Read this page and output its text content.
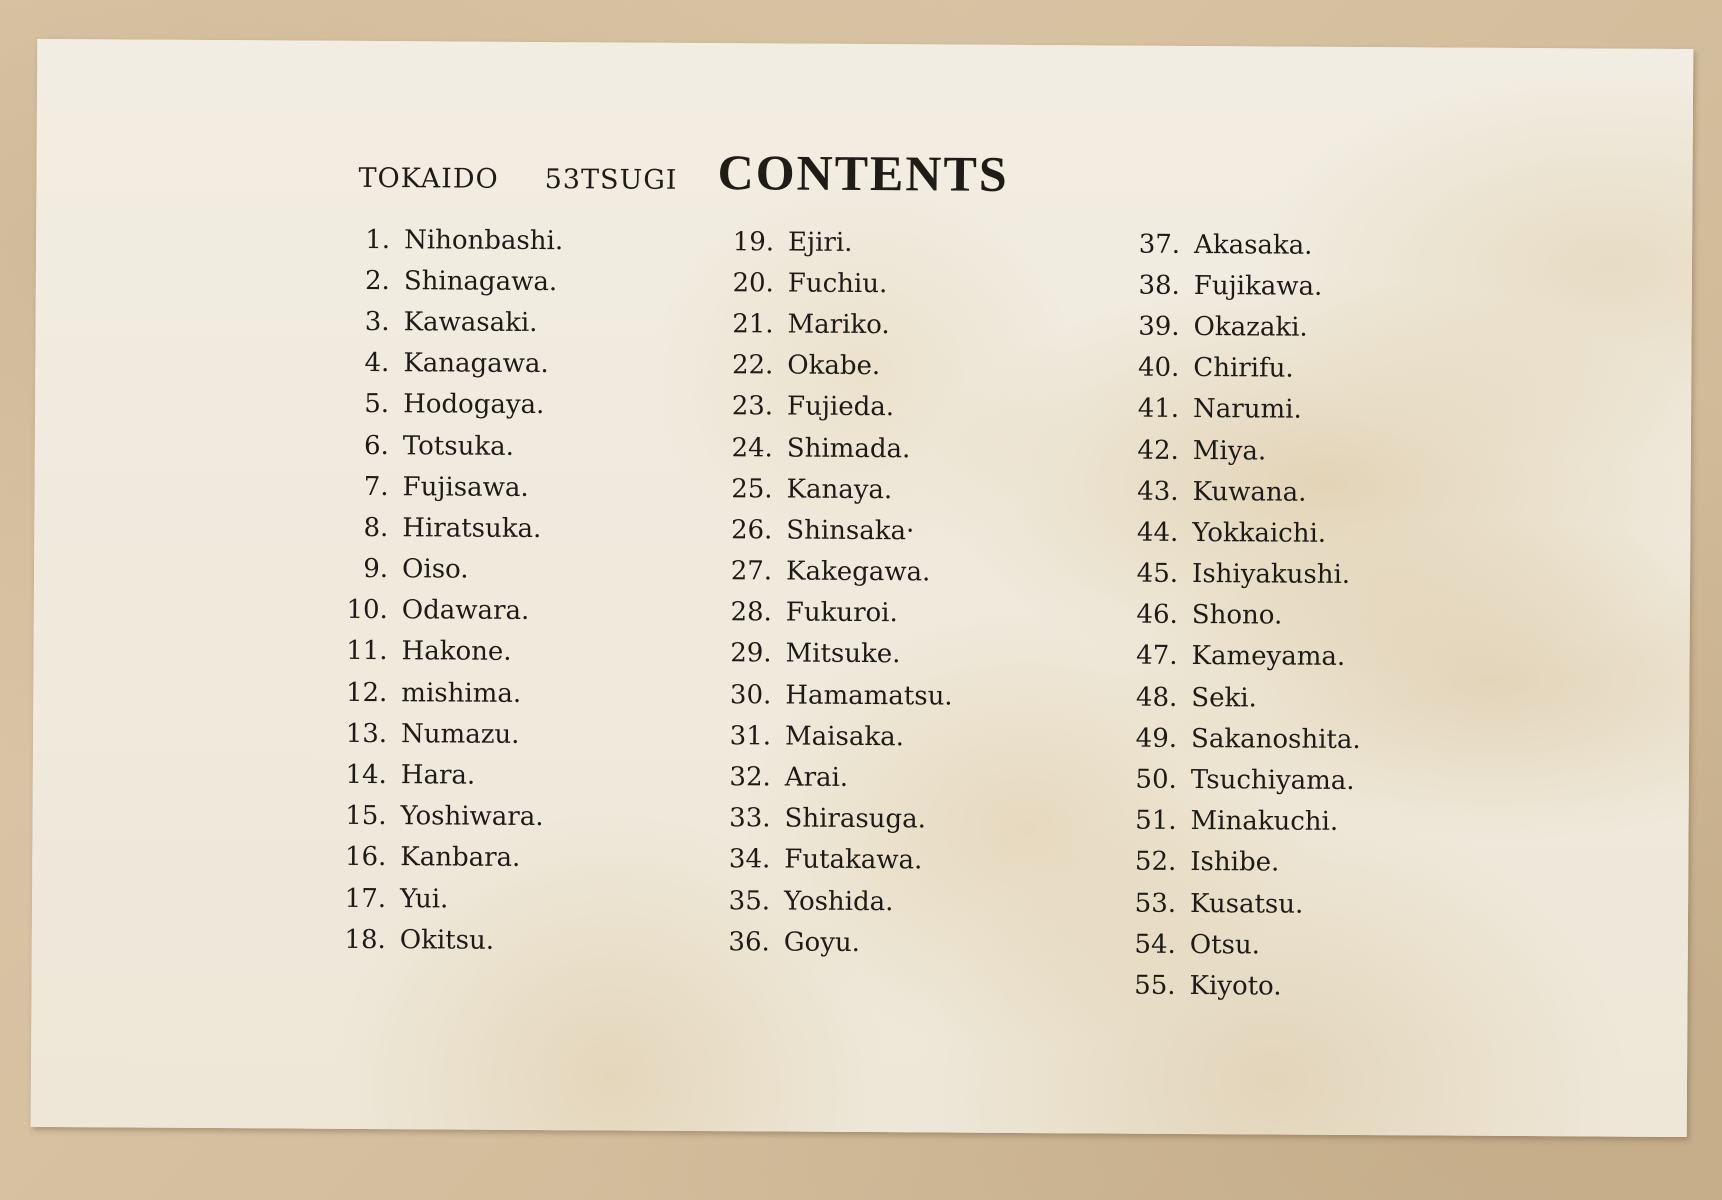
TOKAIDO 53TSUGI CONTENTS
1. Nihonbashi.
2. Shinagawa.
3. Kawasaki.
4. Kanagawa.
5. Hodogaya.
6. Totsuka.
7. Fujisawa.
8. Hiratsuka.
9. Oiso.
10. Odawara.
11. Hakone.
12. mishima.
13. Numazu.
14. Hara.
15. Yoshiwara.
16. Kanbara.
17. Yui.
18. Okitsu.
19. Ejiri.
20. Fuchiu.
21. Mariko.
22. Okabe.
23. Fujieda.
24. Shimada.
25. Kanaya.
26. Shinsaka·
27. Kakegawa.
28. Fukuroi.
29. Mitsuke.
30. Hamamatsu.
31. Maisaka.
32. Arai.
33. Shirasuga.
34. Futakawa.
35. Yoshida.
36. Goyu.
37. Akasaka.
38. Fujikawa.
39. Okazaki.
40. Chirifu.
41. Narumi.
42. Miya.
43. Kuwana.
44. Yokkaichi.
45. Ishiyakushi.
46. Shono.
47. Kameyama.
48. Seki.
49. Sakanoshita.
50. Tsuchiyama.
51. Minakuchi.
52. Ishibe.
53. Kusatsu.
54. Otsu.
55. Kiyoto.
